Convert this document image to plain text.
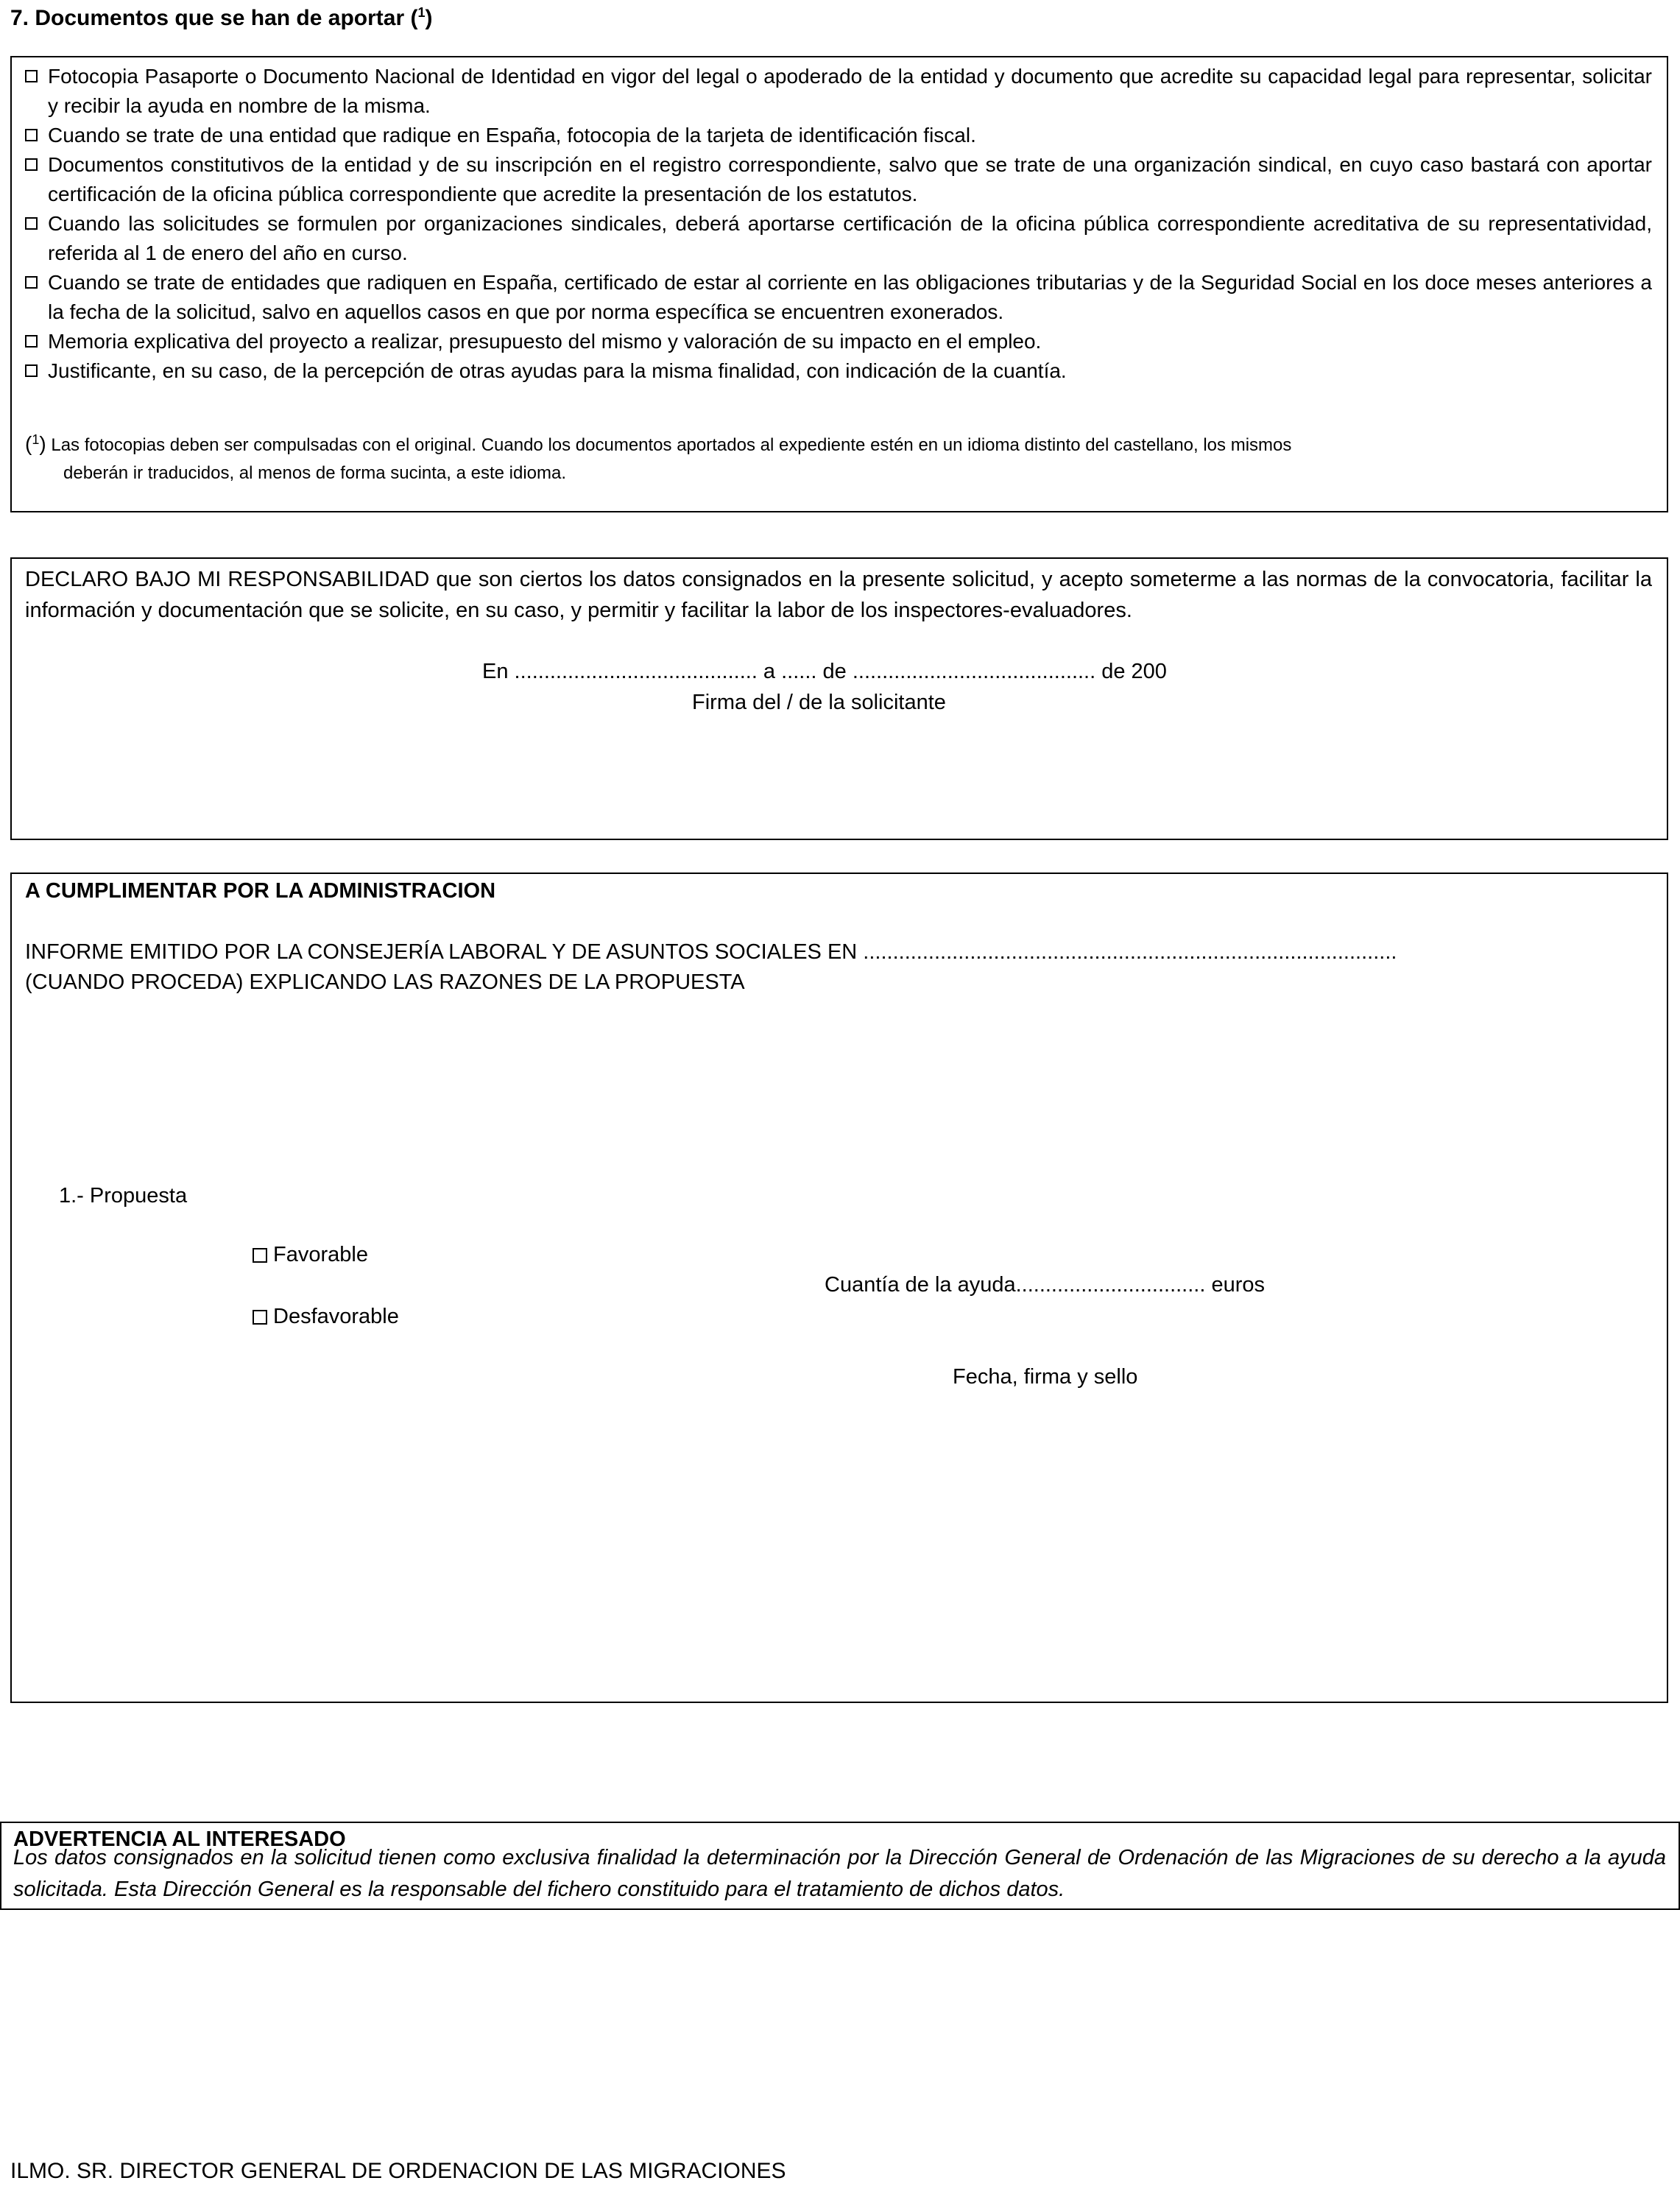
7. Documentos que se han de aportar ($^1$)
Fotocopia Pasaporte o Documento Nacional de Identidad en vigor del legal o apoderado de la entidad y documento que acredite su capacidad legal para representar, solicitar y recibir la ayuda en nombre de la misma.
Cuando se trate de una entidad que radique en España, fotocopia de la tarjeta de identificación fiscal.
Documentos constitutivos de la entidad y de su inscripción en el registro correspondiente, salvo que se trate de una organización sindical, en cuyo caso bastará con aportar certificación de la oficina pública correspondiente que acredite la presentación de los estatutos.
Cuando las solicitudes se formulen por organizaciones sindicales, deberá aportarse certificación de la oficina pública correspondiente acreditativa de su representatividad, referida al 1 de enero del año en curso.
Cuando se trate de entidades que radiquen en España, certificado de estar al corriente en las obligaciones tributarias y de la Seguridad Social en los doce meses anteriores a la fecha de la solicitud, salvo en aquellos casos en que por norma específica se encuentren exonerados.
Memoria explicativa del proyecto a realizar, presupuesto del mismo y valoración de su impacto en el empleo.
Justificante, en su caso, de la percepción de otras ayudas para la misma finalidad, con indicación de la cuantía.
($^1$) Las fotocopias deben ser compulsadas con el original. Cuando los documentos aportados al expediente estén en un idioma distinto del castellano, los mismos
deberán ir traducidos, al menos de forma sucinta, a este idioma.
DECLARO BAJO MI RESPONSABILIDAD que son ciertos los datos consignados en la presente solicitud, y acepto someterme a las normas de la convocatoria, facilitar la información y documentación que se solicite, en su caso, y permitir y facilitar la labor de los inspectores-evaluadores.
En ......................................... a ...... de ......................................... de 200
Firma del / de la solicitante
A CUMPLIMENTAR POR LA ADMINISTRACION
INFORME EMITIDO POR LA CONSEJERÍA LABORAL Y DE ASUNTOS SOCIALES EN ..........................................................................................
(CUANDO PROCEDA) EXPLICANDO LAS RAZONES DE LA PROPUESTA
1.- Propuesta
Favorable
Desfavorable
Cuantía de la ayuda................................ euros
Fecha, firma y sello
ADVERTENCIA AL INTERESADO
Los datos consignados en la solicitud tienen como exclusiva finalidad la determinación por la Dirección General de Ordenación de las Migraciones de su derecho a la ayuda solicitada. Esta Dirección General es la responsable del fichero constituido para el tratamiento de dichos datos.
ILMO. SR. DIRECTOR GENERAL DE ORDENACION DE LAS MIGRACIONES
